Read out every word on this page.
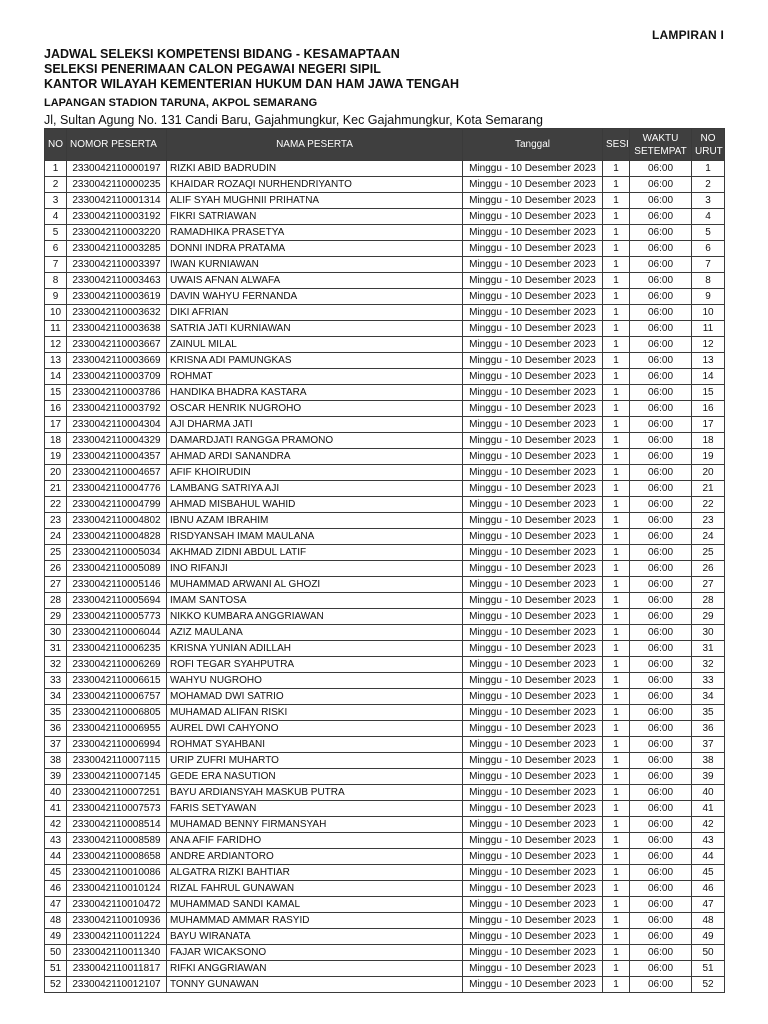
LAMPIRAN I
JADWAL SELEKSI KOMPETENSI BIDANG - KESAMAPTAAN
SELEKSI PENERIMAAN CALON PEGAWAI NEGERI SIPIL
KANTOR WILAYAH KEMENTERIAN HUKUM DAN HAM JAWA TENGAH
LAPANGAN STADION TARUNA, AKPOL SEMARANG
Jl, Sultan Agung No. 131 Candi Baru, Gajahmungkur, Kec Gajahmungkur, Kota Semarang
NO	NOMOR PESERTA	NAMA PESERTA	Tanggal	SESI	WAKTU SETEMPAT	NO URUT
1	2330042110000197	RIZKI ABID BADRUDIN	Minggu - 10 Desember 2023	1	06:00	1
2	2330042110000235	KHAIDAR ROZAQI NURHENDRIYANTO	Minggu - 10 Desember 2023	1	06:00	2
3	2330042110001314	ALIF SYAH MUGHNII PRIHATNA	Minggu - 10 Desember 2023	1	06:00	3
4	2330042110003192	FIKRI SATRIAWAN	Minggu - 10 Desember 2023	1	06:00	4
5	2330042110003220	RAMADHIKA PRASETYA	Minggu - 10 Desember 2023	1	06:00	5
6	2330042110003285	DONNI INDRA PRATAMA	Minggu - 10 Desember 2023	1	06:00	6
7	2330042110003397	IWAN KURNIAWAN	Minggu - 10 Desember 2023	1	06:00	7
8	2330042110003463	UWAIS AFNAN ALWAFA	Minggu - 10 Desember 2023	1	06:00	8
9	2330042110003619	DAVIN WAHYU FERNANDA	Minggu - 10 Desember 2023	1	06:00	9
10	2330042110003632	DIKI AFRIAN	Minggu - 10 Desember 2023	1	06:00	10
11	2330042110003638	SATRIA JATI KURNIAWAN	Minggu - 10 Desember 2023	1	06:00	11
12	2330042110003667	ZAINUL MILAL	Minggu - 10 Desember 2023	1	06:00	12
13	2330042110003669	KRISNA ADI PAMUNGKAS	Minggu - 10 Desember 2023	1	06:00	13
14	2330042110003709	ROHMAT	Minggu - 10 Desember 2023	1	06:00	14
15	2330042110003786	HANDIKA BHADRA KASTARA	Minggu - 10 Desember 2023	1	06:00	15
16	2330042110003792	OSCAR HENRIK NUGROHO	Minggu - 10 Desember 2023	1	06:00	16
17	2330042110004304	AJI DHARMA JATI	Minggu - 10 Desember 2023	1	06:00	17
18	2330042110004329	DAMARDJATI RANGGA PRAMONO	Minggu - 10 Desember 2023	1	06:00	18
19	2330042110004357	AHMAD ARDI SANANDRA	Minggu - 10 Desember 2023	1	06:00	19
20	2330042110004657	AFIF KHOIRUDIN	Minggu - 10 Desember 2023	1	06:00	20
21	2330042110004776	LAMBANG SATRIYA AJI	Minggu - 10 Desember 2023	1	06:00	21
22	2330042110004799	AHMAD MISBAHUL WAHID	Minggu - 10 Desember 2023	1	06:00	22
23	2330042110004802	IBNU AZAM IBRAHIM	Minggu - 10 Desember 2023	1	06:00	23
24	2330042110004828	RISDYANSAH IMAM MAULANA	Minggu - 10 Desember 2023	1	06:00	24
25	2330042110005034	AKHMAD ZIDNI ABDUL LATIF	Minggu - 10 Desember 2023	1	06:00	25
26	2330042110005089	INO RIFANJI	Minggu - 10 Desember 2023	1	06:00	26
27	2330042110005146	MUHAMMAD ARWANI AL GHOZI	Minggu - 10 Desember 2023	1	06:00	27
28	2330042110005694	IMAM SANTOSA	Minggu - 10 Desember 2023	1	06:00	28
29	2330042110005773	NIKKO KUMBARA ANGGRIAWAN	Minggu - 10 Desember 2023	1	06:00	29
30	2330042110006044	AZIZ MAULANA	Minggu - 10 Desember 2023	1	06:00	30
31	2330042110006235	KRISNA YUNIAN ADILLAH	Minggu - 10 Desember 2023	1	06:00	31
32	2330042110006269	ROFI TEGAR SYAHPUTRA	Minggu - 10 Desember 2023	1	06:00	32
33	2330042110006615	WAHYU NUGROHO	Minggu - 10 Desember 2023	1	06:00	33
34	2330042110006757	MOHAMAD DWI SATRIO	Minggu - 10 Desember 2023	1	06:00	34
35	2330042110006805	MUHAMAD ALIFAN RISKI	Minggu - 10 Desember 2023	1	06:00	35
36	2330042110006955	AUREL DWI CAHYONO	Minggu - 10 Desember 2023	1	06:00	36
37	2330042110006994	ROHMAT SYAHBANI	Minggu - 10 Desember 2023	1	06:00	37
38	2330042110007115	URIP ZUFRI MUHARTO	Minggu - 10 Desember 2023	1	06:00	38
39	2330042110007145	GEDE ERA NASUTION	Minggu - 10 Desember 2023	1	06:00	39
40	2330042110007251	BAYU ARDIANSYAH MASKUB PUTRA	Minggu - 10 Desember 2023	1	06:00	40
41	2330042110007573	FARIS SETYAWAN	Minggu - 10 Desember 2023	1	06:00	41
42	2330042110008514	MUHAMAD BENNY FIRMANSYAH	Minggu - 10 Desember 2023	1	06:00	42
43	2330042110008589	ANA AFIF FARIDHO	Minggu - 10 Desember 2023	1	06:00	43
44	2330042110008658	ANDRE ARDIANTORO	Minggu - 10 Desember 2023	1	06:00	44
45	2330042110010086	ALGATRA RIZKI BAHTIAR	Minggu - 10 Desember 2023	1	06:00	45
46	2330042110010124	RIZAL FAHRUL GUNAWAN	Minggu - 10 Desember 2023	1	06:00	46
47	2330042110010472	MUHAMMAD SANDI KAMAL	Minggu - 10 Desember 2023	1	06:00	47
48	2330042110010936	MUHAMMAD AMMAR RASYID	Minggu - 10 Desember 2023	1	06:00	48
49	2330042110011224	BAYU WIRANATA	Minggu - 10 Desember 2023	1	06:00	49
50	2330042110011340	FAJAR WICAKSONO	Minggu - 10 Desember 2023	1	06:00	50
51	2330042110011817	RIFKI ANGGRIAWAN	Minggu - 10 Desember 2023	1	06:00	51
52	2330042110012107	TONNY GUNAWAN	Minggu - 10 Desember 2023	1	06:00	52
